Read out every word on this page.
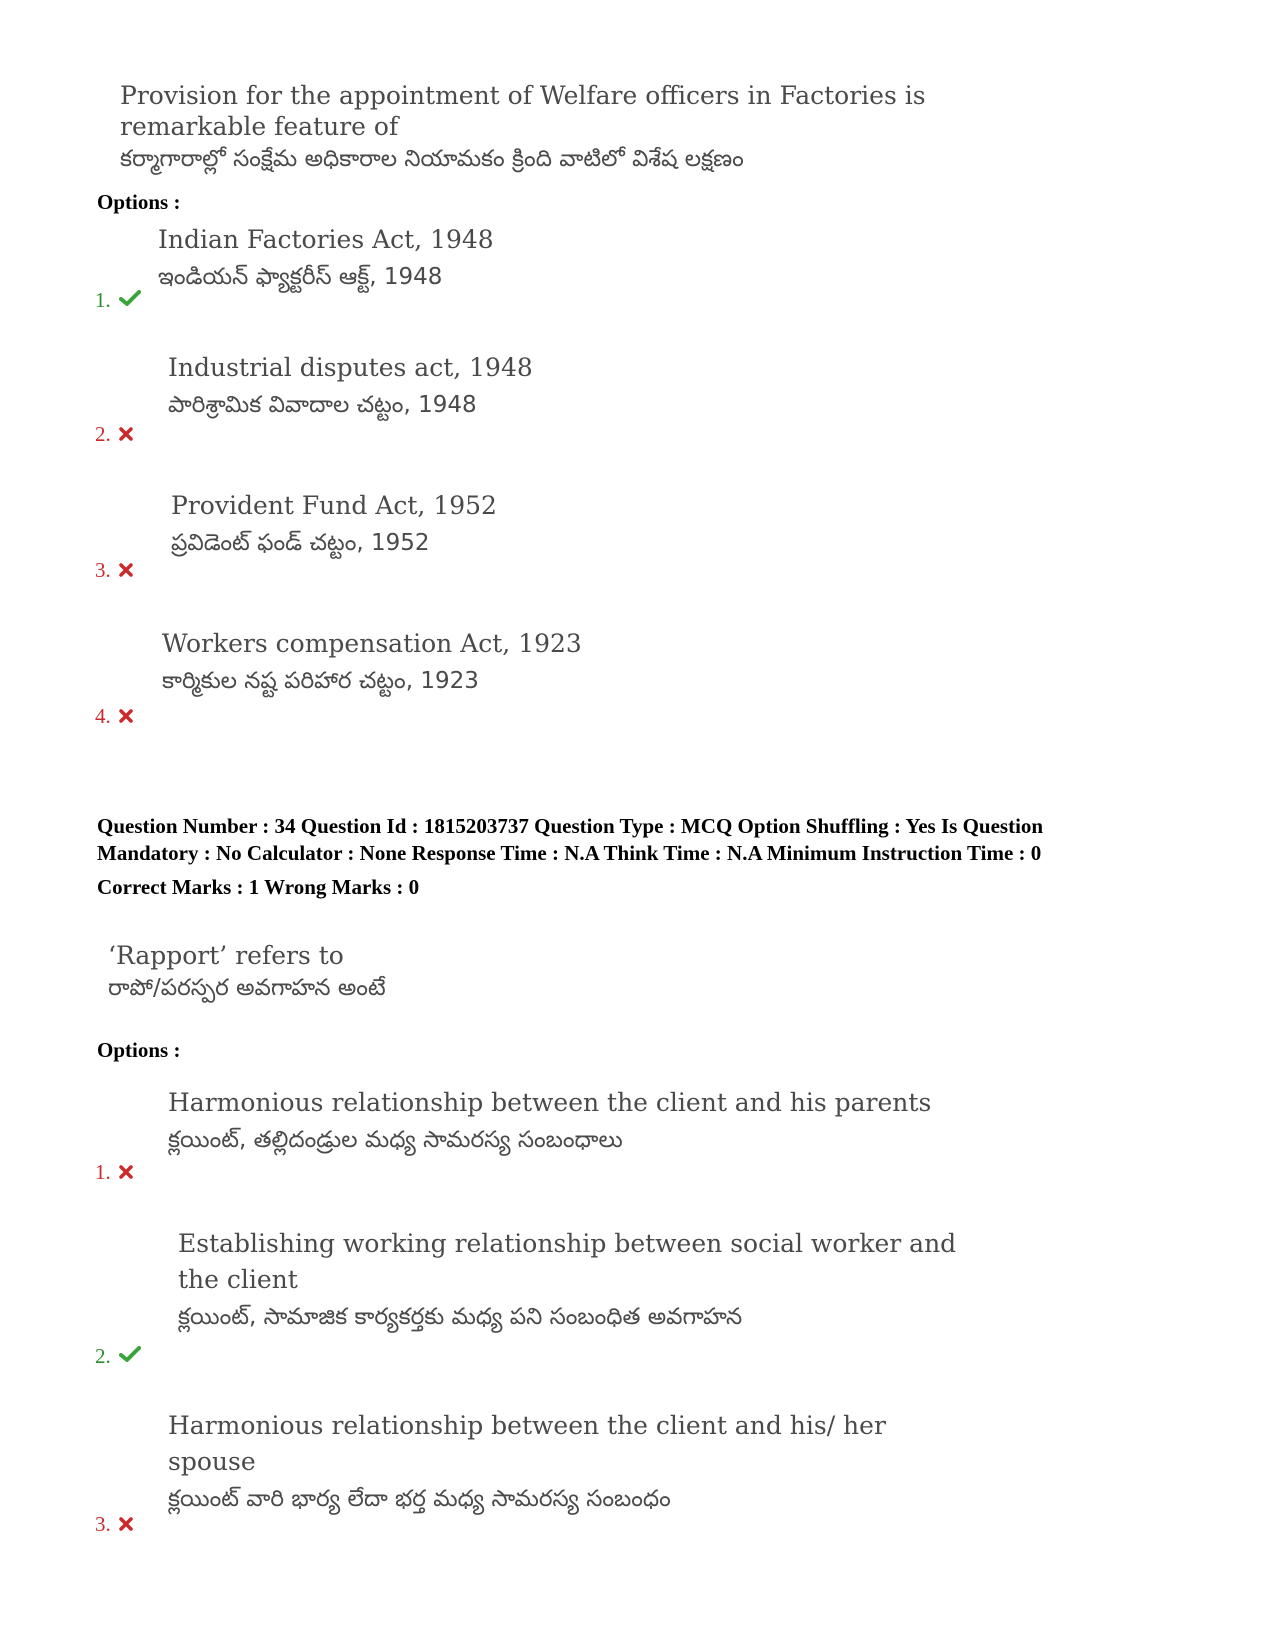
Provision for the appointment of Welfare officers in Factories is
remarkable feature of
కర్మాగారాల్లో సంక్షేమ అధికారాల నియామకం క్రింది వాటిలో విశేష లక్షణం
Options :
Indian Factories Act, 1948
ఇండియన్ ఫ్యాక్టరీస్ ఆక్ట్, 1948
1.
Industrial disputes act, 1948
పారిశ్రామిక వివాదాల చట్టం, 1948
2.
Provident Fund Act, 1952
ప్రవిడెంట్ ఫండ్ చట్టం, 1952
3.
Workers compensation Act, 1923
కార్మికుల నష్ట పరిహార చట్టం, 1923
4.

Question Number : 34 Question Id : 1815203737 Question Type : MCQ Option Shuffling : Yes Is Question

Mandatory : No Calculator : None Response Time : N.A Think Time : N.A Minimum Instruction Time : 0

Correct Marks : 1 Wrong Marks : 0

‘Rapport’ refers to
రాపో/పరస్పర అవగాహన అంటే
Options :
Harmonious relationship between the client and his parents
క్లయింట్, తల్లిదండ్రుల మధ్య సామరస్య సంబంధాలు
1.
Establishing working relationship between social worker and
the client
క్లయింట్, సామాజిక కార్యకర్తకు మధ్య పని సంబంధిత అవగాహన
2.
Harmonious relationship between the client and his/ her
spouse
క్లయింట్ వారి భార్య లేదా భర్త మధ్య సామరస్య సంబంధం
3.
